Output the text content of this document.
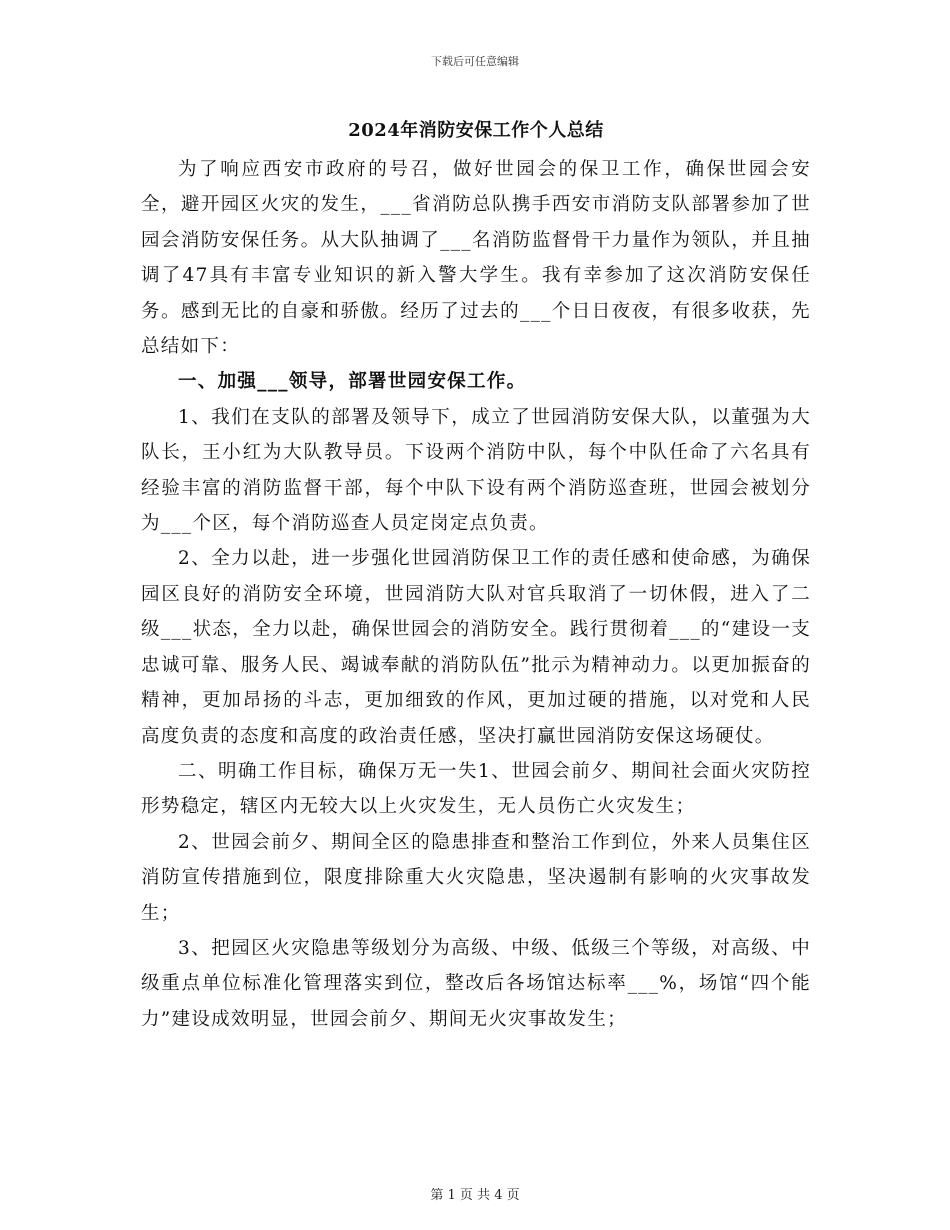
下载后可任意编辑
2024年消防安保工作个人总结

为了响应西安市政府的号召，做好世园会的保卫工作，确保世园会安全，避开园区火灾的发生，___省消防总队携手西安市消防支队部署参加了世园会消防安保任务。从大队抽调了___名消防监督骨干力量作为领队，并且抽调了47具有丰富专业知识的新入警大学生。我有幸参加了这次消防安保任务。感到无比的自豪和骄傲。经历了过去的___个日日夜夜，有很多收获，先总结如下：

一、加强___领导，部署世园安保工作。

1、我们在支队的部署及领导下，成立了世园消防安保大队，以董强为大队长，王小红为大队教导员。下设两个消防中队，每个中队任命了六名具有经验丰富的消防监督干部，每个中队下设有两个消防巡查班，世园会被划分为___个区，每个消防巡查人员定岗定点负责。

2、全力以赴，进一步强化世园消防保卫工作的责任感和使命感，为确保园区良好的消防安全环境，世园消防大队对官兵取消了一切休假，进入了二级___状态，全力以赴，确保世园会的消防安全。践行贯彻着___的“建设一支忠诚可靠、服务人民、竭诚奉献的消防队伍”批示为精神动力。以更加振奋的精神，更加昂扬的斗志，更加细致的作风，更加过硬的措施，以对党和人民高度负责的态度和高度的政治责任感，坚决打赢世园消防安保这场硬仗。

二、明确工作目标，确保万无一失1、世园会前夕、期间社会面火灾防控形势稳定，辖区内无较大以上火灾发生，无人员伤亡火灾发生；

2、世园会前夕、期间全区的隐患排查和整治工作到位，外来人员集住区消防宣传措施到位，限度排除重大火灾隐患，坚决遏制有影响的火灾事故发生；

3、把园区火灾隐患等级划分为高级、中级、低级三个等级，对高级、中级重点单位标准化管理落实到位，整改后各场馆达标率___%，场馆“四个能力”建设成效明显，世园会前夕、期间无火灾事故发生；

第 1 页 共 4 页
